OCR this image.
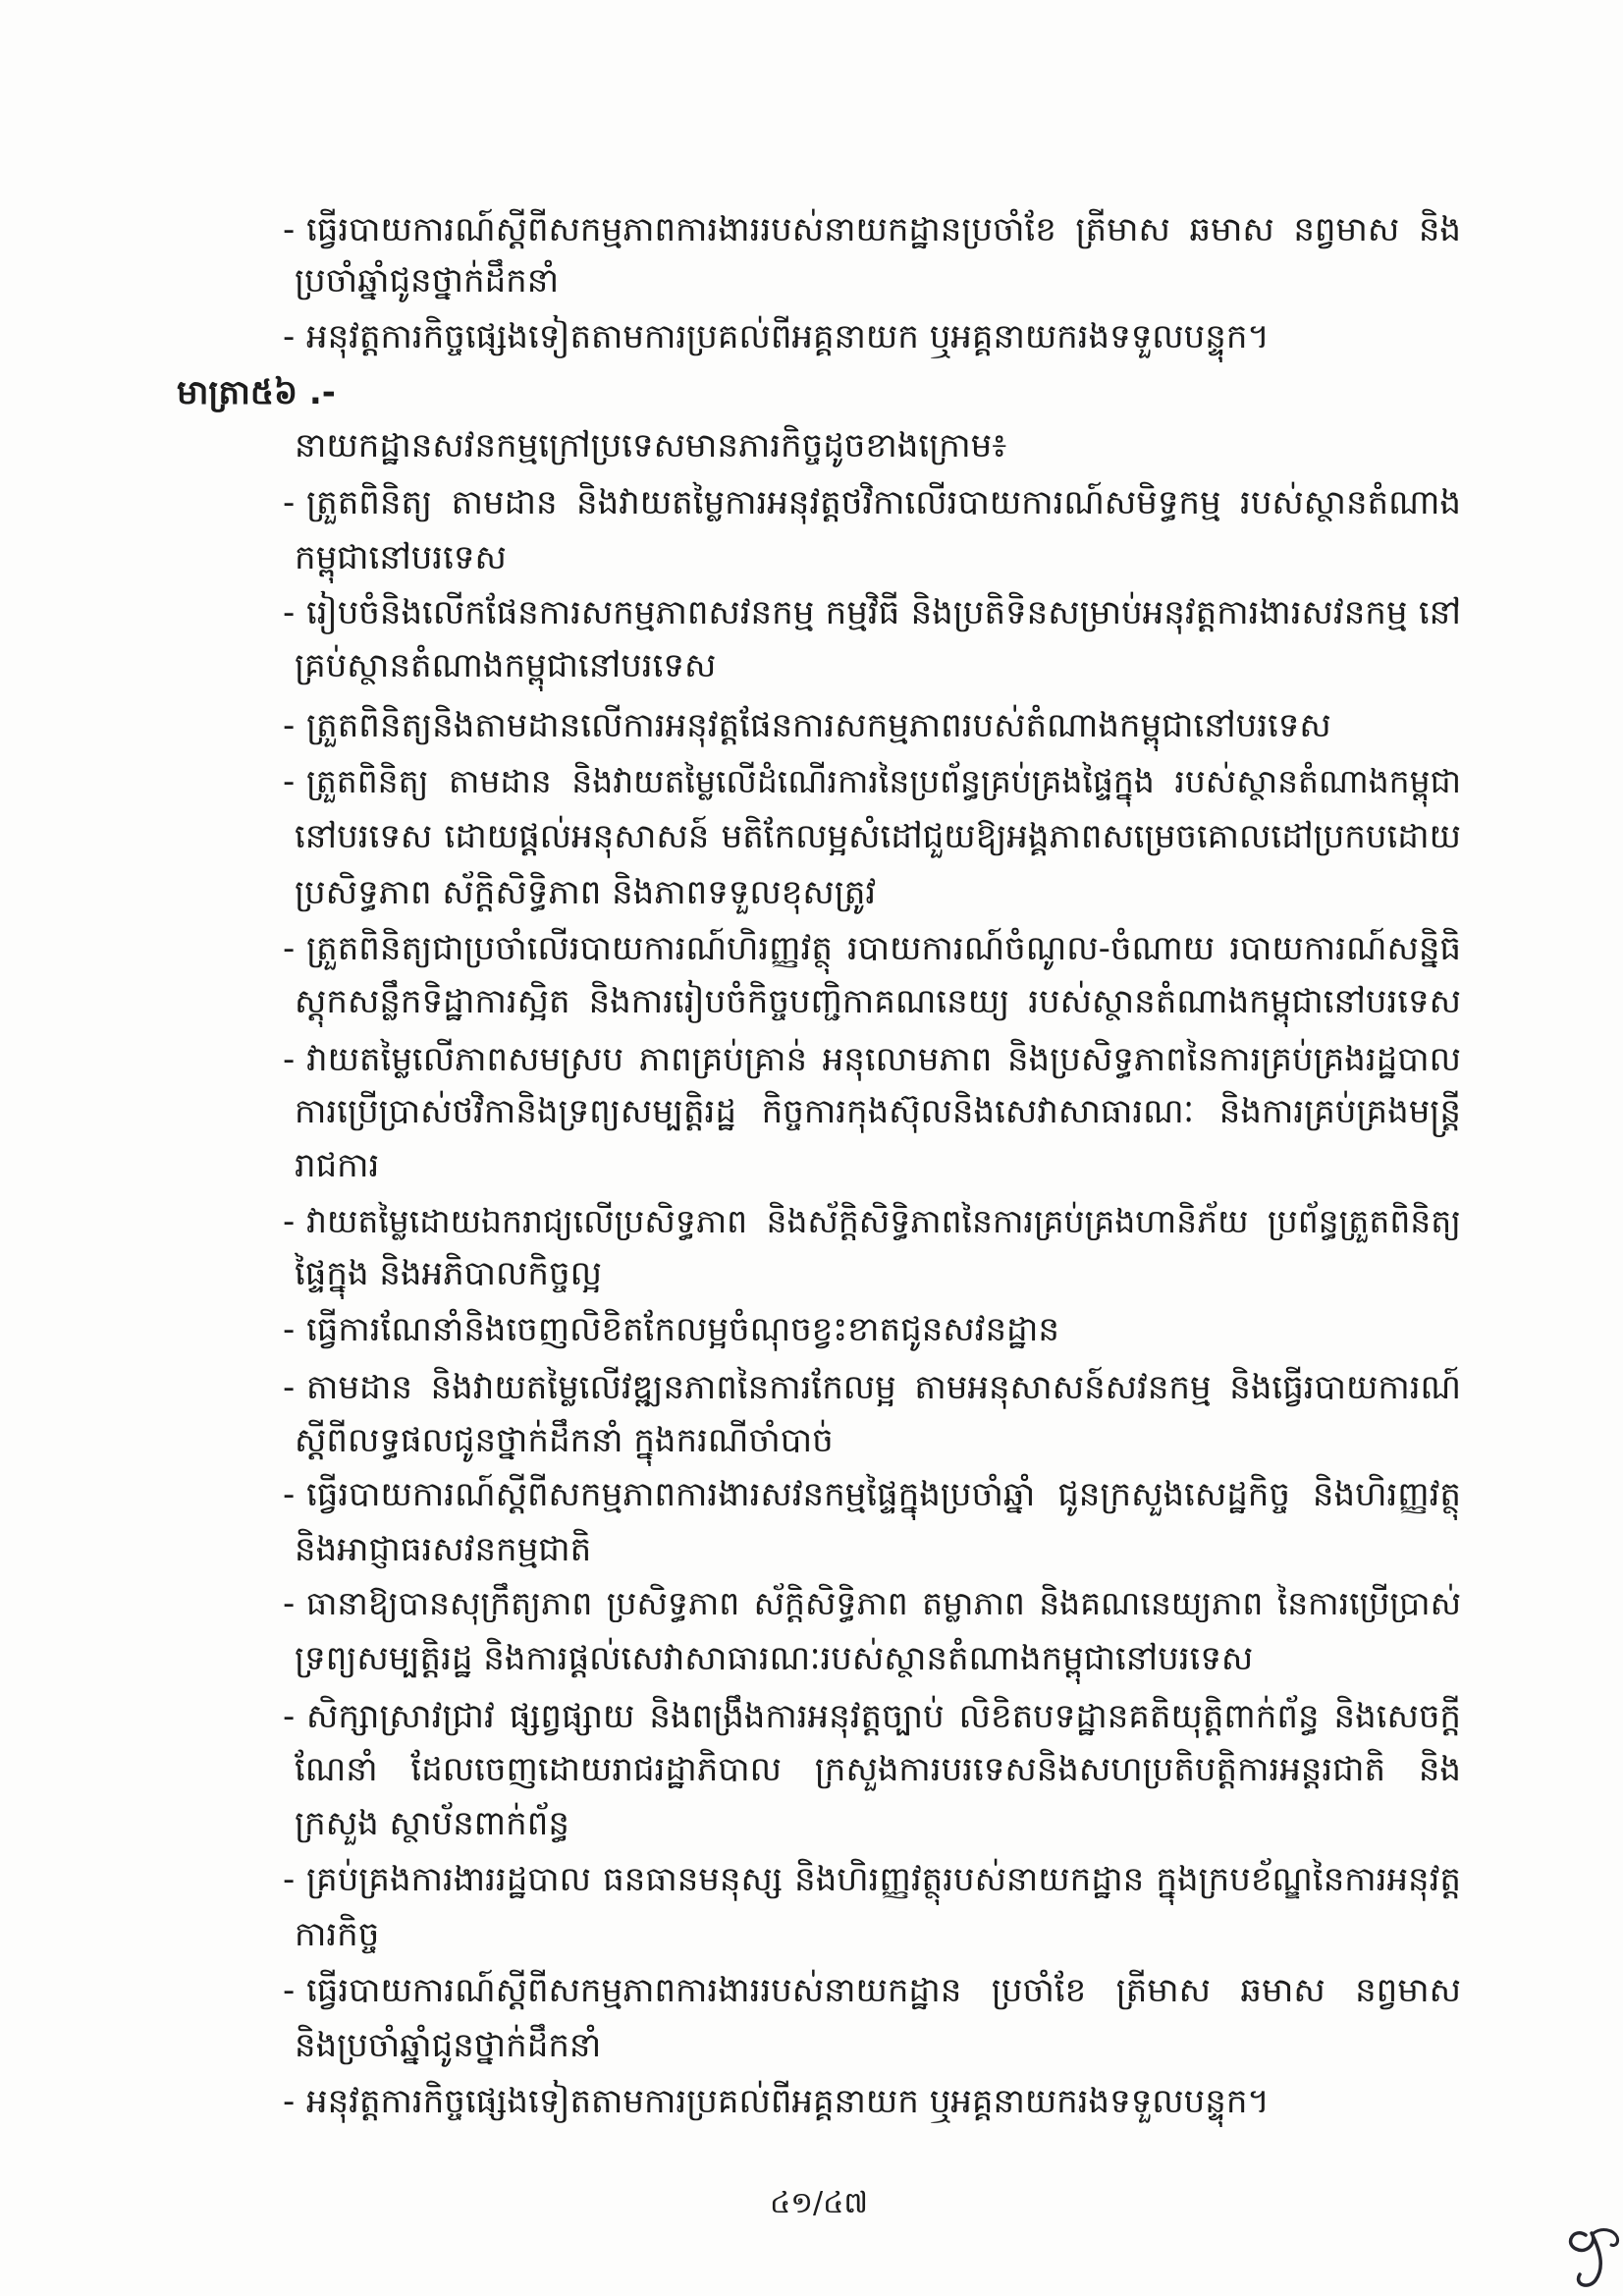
- ធ្វើរបាយការណ៍ស្តីពីសកម្មភាពការងាររបស់នាយកដ្ឋានប្រចាំខែ ត្រីមាស ឆមាស នព្វមាស និង
ប្រចាំឆ្នាំជូនថ្នាក់ដឹកនាំ
- អនុវត្តការកិច្ចផ្សេងទៀតតាមការប្រគល់ពីអគ្គនាយក ឬអគ្គនាយករងទទួលបន្ទុក។
មាត្រា៥៦ .-
នាយកដ្ឋានសវនកម្មក្រៅប្រទេសមានភារកិច្ចដូចខាងក្រោម៖
- ត្រួតពិនិត្យ តាមដាន និងវាយតម្លៃការអនុវត្តថវិកាលើរបាយការណ៍សមិទ្ធកម្ម របស់ស្ថានតំណាង
កម្ពុជានៅបរទេស
- រៀបចំនិងលើកផែនការសកម្មភាពសវនកម្ម កម្មវិធី និងប្រតិទិនសម្រាប់អនុវត្តការងារសវនកម្ម នៅ
គ្រប់ស្ថានតំណាងកម្ពុជានៅបរទេស
- ត្រួតពិនិត្យនិងតាមដានលើការអនុវត្តផែនការសកម្មភាពរបស់តំណាងកម្ពុជានៅបរទេស
- ត្រួតពិនិត្យ តាមដាន និងវាយតម្លៃលើដំណើរការនៃប្រព័ន្ធគ្រប់គ្រងផ្ទៃក្នុង របស់ស្ថានតំណាងកម្ពុជា
នៅបរទេស ដោយផ្តល់អនុសាសន៍ មតិកែលម្អសំដៅជួយឱ្យអង្គភាពសម្រេចគោលដៅប្រកបដោយ
ប្រសិទ្ធភាព ស័ក្តិសិទ្ធិភាព និងភាពទទួលខុសត្រូវ
- ត្រួតពិនិត្យជាប្រចាំលើរបាយការណ៍ហិរញ្ញវត្ថុ របាយការណ៍ចំណូល-ចំណាយ របាយការណ៍សន្និធិ
ស្តុកសន្លឹកទិដ្ឋាការស្អិត និងការរៀបចំកិច្ចបញ្ជិកាគណនេយ្យ របស់ស្ថានតំណាងកម្ពុជានៅបរទេស
- វាយតម្លៃលើភាពសមស្រប ភាពគ្រប់គ្រាន់ អនុលោមភាព និងប្រសិទ្ធភាពនៃការគ្រប់គ្រងរដ្ឋបាល
ការប្រើប្រាស់ថវិកានិងទ្រព្យសម្បត្តិរដ្ឋ កិច្ចការកុងស៊ុលនិងសេវាសាធារណៈ និងការគ្រប់គ្រងមន្ត្រី
រាជការ
- វាយតម្លៃដោយឯករាជ្យលើប្រសិទ្ធភាព និងស័ក្តិសិទ្ធិភាពនៃការគ្រប់គ្រងហានិភ័យ ប្រព័ន្ធត្រួតពិនិត្យ
ផ្ទៃក្នុង និងអភិបាលកិច្ចល្អ
- ធ្វើការណែនាំនិងចេញលិខិតកែលម្អចំណុចខ្វះខាតជូនសវនដ្ឋាន
- តាមដាន និងវាយតម្លៃលើវឌ្ឍនភាពនៃការកែលម្អ តាមអនុសាសន៍សវនកម្ម និងធ្វើរបាយការណ៍
ស្តីពីលទ្ធផលជូនថ្នាក់ដឹកនាំ ក្នុងករណីចាំបាច់
- ធ្វើរបាយការណ៍ស្តីពីសកម្មភាពការងារសវនកម្មផ្ទៃក្នុងប្រចាំឆ្នាំ ជូនក្រសួងសេដ្ឋកិច្ច និងហិរញ្ញវត្ថុ
និងអាជ្ញាធរសវនកម្មជាតិ
- ធានាឱ្យបានសុក្រឹត្យភាព ប្រសិទ្ធភាព ស័ក្តិសិទ្ធិភាព តម្លាភាព និងគណនេយ្យភាព នៃការប្រើប្រាស់
ទ្រព្យសម្បត្តិរដ្ឋ និងការផ្តល់សេវាសាធារណៈរបស់ស្ថានតំណាងកម្ពុជានៅបរទេស
- សិក្សាស្រាវជ្រាវ ផ្សព្វផ្សាយ និងពង្រឹងការអនុវត្តច្បាប់ លិខិតបទដ្ឋានគតិយុត្តិពាក់ព័ន្ធ និងសេចក្តី
ណែនាំ ដែលចេញដោយរាជរដ្ឋាភិបាល ក្រសួងការបរទេសនិងសហប្រតិបត្តិការអន្តរជាតិ និង
ក្រសួង ស្ថាប័នពាក់ព័ន្ធ
- គ្រប់គ្រងការងាររដ្ឋបាល ធនធានមនុស្ស និងហិរញ្ញវត្ថុរបស់នាយកដ្ឋាន ក្នុងក្របខ័ណ្ឌនៃការអនុវត្ត
ការកិច្ច
- ធ្វើរបាយការណ៍ស្តីពីសកម្មភាពការងាររបស់នាយកដ្ឋាន ប្រចាំខែ ត្រីមាស ឆមាស នព្វមាស
និងប្រចាំឆ្នាំជូនថ្នាក់ដឹកនាំ
- អនុវត្តការកិច្ចផ្សេងទៀតតាមការប្រគល់ពីអគ្គនាយក ឬអគ្គនាយករងទទួលបន្ទុក។
៤១/៤៧
